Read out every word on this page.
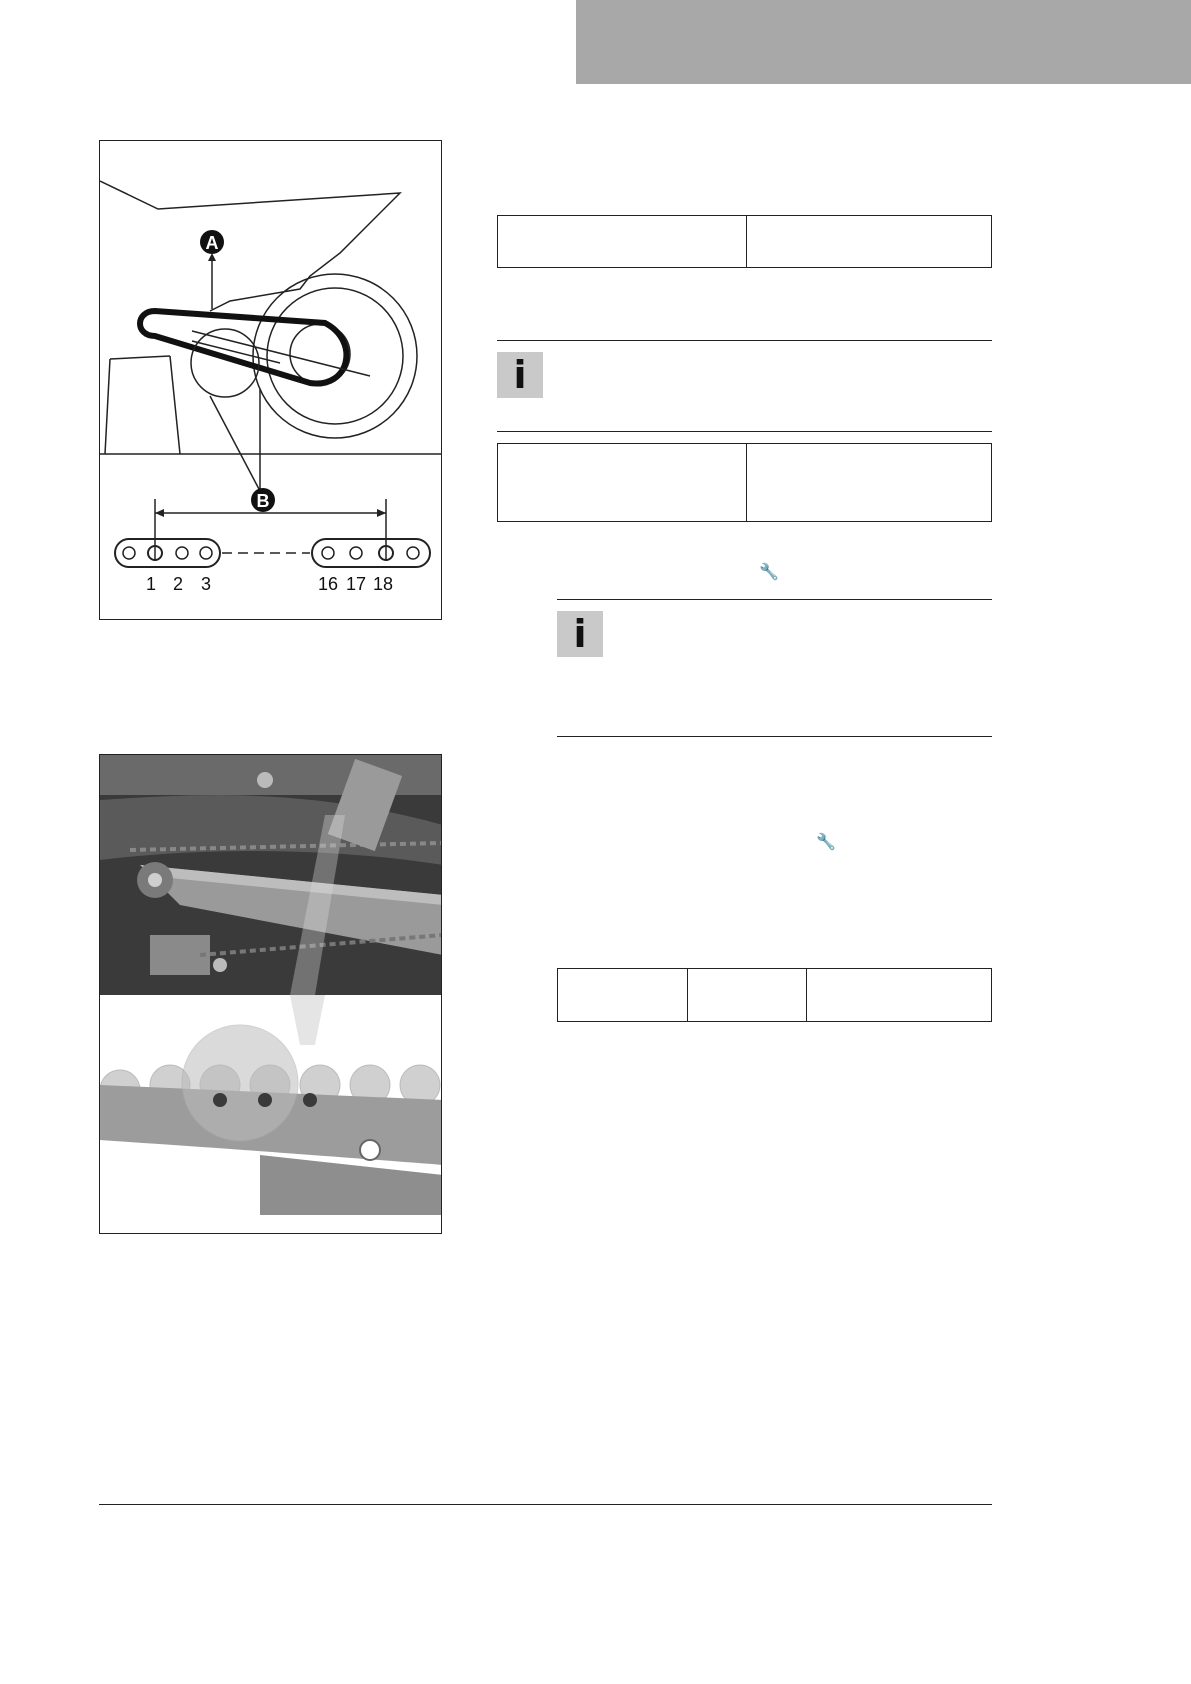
A
B
1 2 3	16 17 18

i

🔧
i
🔧
